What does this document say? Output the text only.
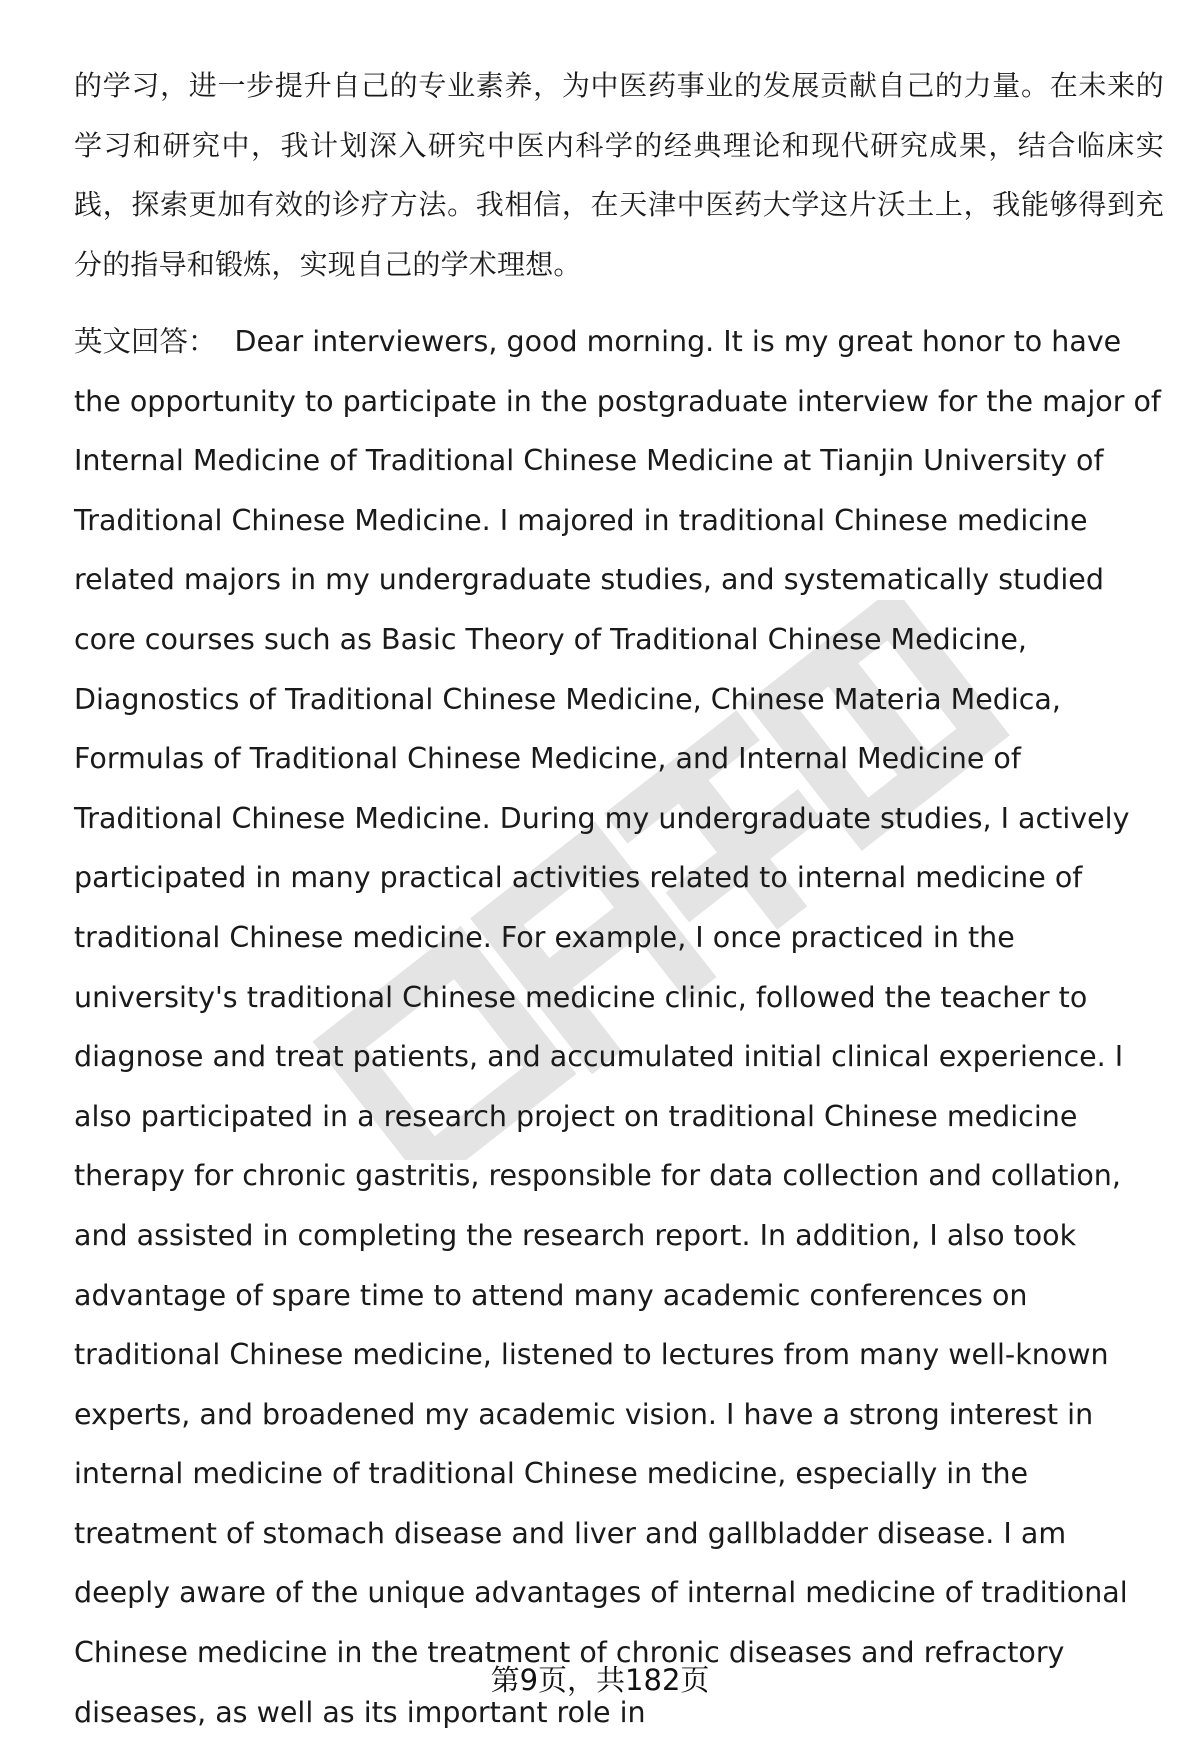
的学习，进一步提升自己的专业素养，为中医药事业的发展贡献自己的力量。在未来的学习和研究中，我计划深入研究中医内科学的经典理论和现代研究成果，结合临床实践，探索更加有效的诊疗方法。我相信，在天津中医药大学这片沃土上，我能够得到充分的指导和锻炼，实现自己的学术理想。

英文回答： Dear interviewers, good morning. It is my great honor to have the opportunity to participate in the postgraduate interview for the major of Internal Medicine of Traditional Chinese Medicine at Tianjin University of Traditional Chinese Medicine. I majored in traditional Chinese medicine related majors in my undergraduate studies, and systematically studied core courses such as Basic Theory of Traditional Chinese Medicine, Diagnostics of Traditional Chinese Medicine, Chinese Materia Medica, Formulas of Traditional Chinese Medicine, and Internal Medicine of Traditional Chinese Medicine. During my undergraduate studies, I actively participated in many practical activities related to internal medicine of traditional Chinese medicine. For example, I once practiced in the university's traditional Chinese medicine clinic, followed the teacher to diagnose and treat patients, and accumulated initial clinical experience. I also participated in a research project on traditional Chinese medicine therapy for chronic gastritis, responsible for data collection and collation, and assisted in completing the research report. In addition, I also took advantage of spare time to attend many academic conferences on traditional Chinese medicine, listened to lectures from many well-known experts, and broadened my academic vision. I have a strong interest in internal medicine of traditional Chinese medicine, especially in the treatment of stomach disease and liver and gallbladder disease. I am deeply aware of the unique advantages of internal medicine of traditional Chinese medicine in the treatment of chronic diseases and refractory diseases, as well as its important role in

第9页，共182页
